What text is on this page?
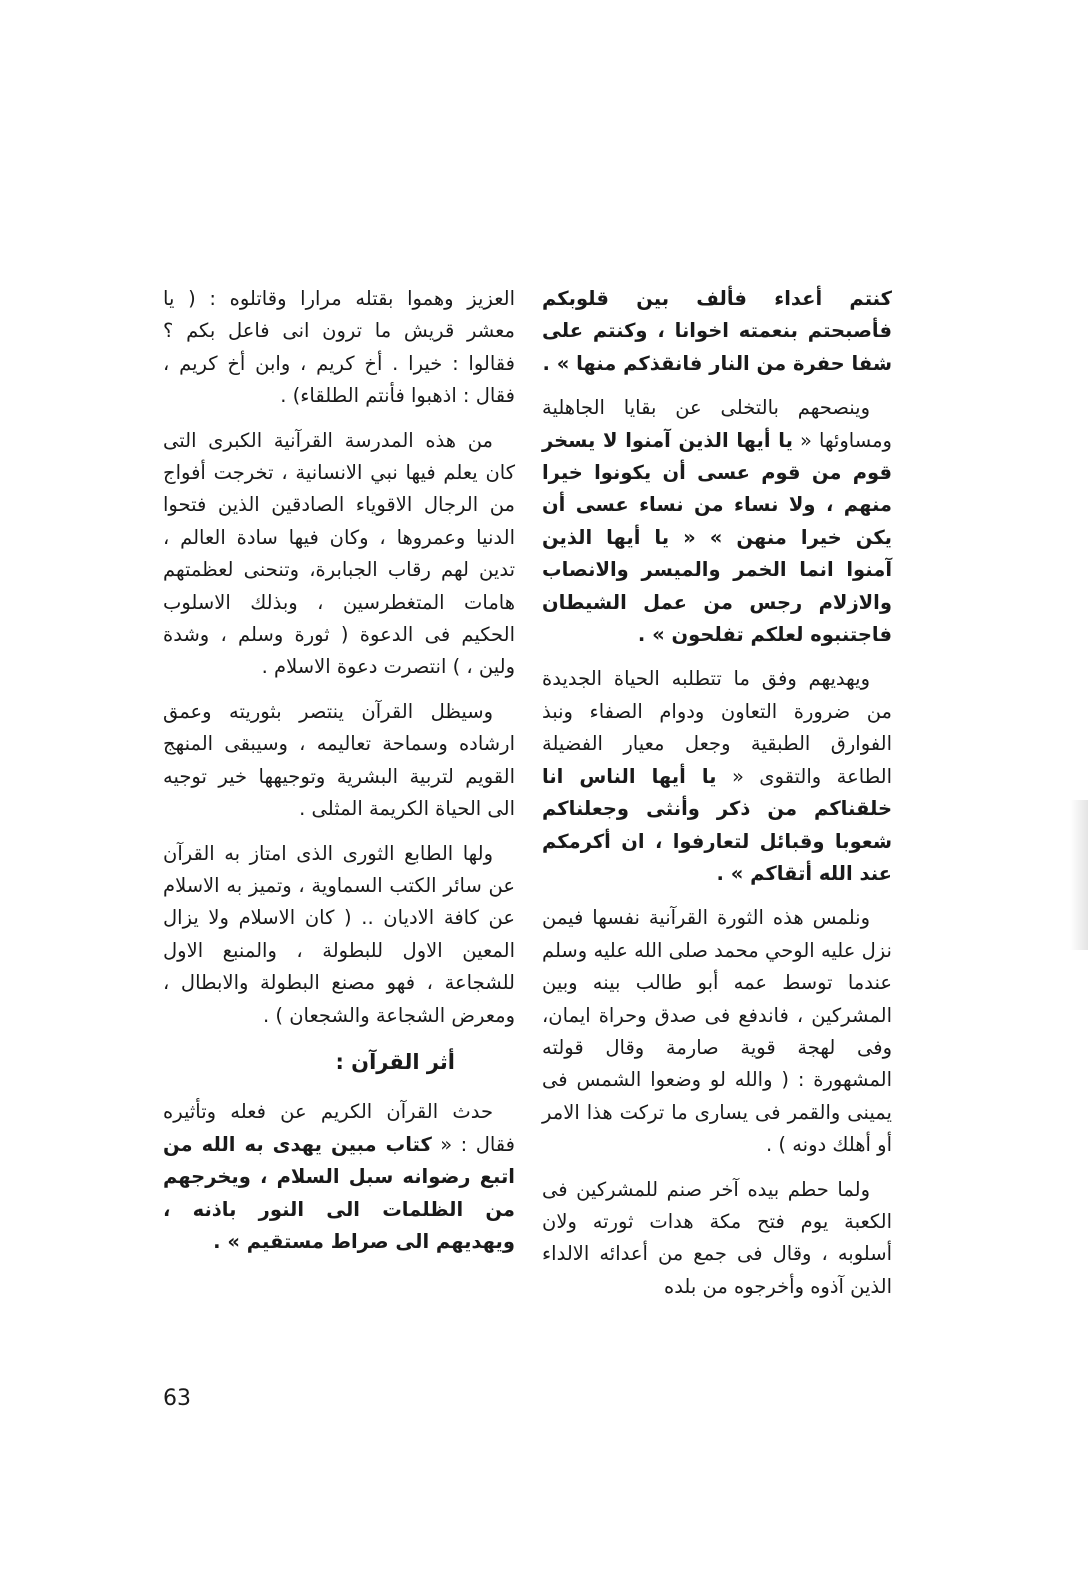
كنتم أعداء فألف بين قلوبكم فأصبحتم بنعمته اخوانا ، وكنتم على شفا حفرة من النار فانقذكم منها » .

وينصحهم بالتخلى عن بقايا الجاهلية ومساوئها « يا أيها الذين آمنوا لا يسخر قوم من قوم عسى أن يكونوا خيرا منهم ، ولا نساء من نساء عسى أن يكن خيرا منهن » « يا أيها الذين آمنوا انما الخمر والميسر والانصاب والازلام رجس من عمل الشيطان فاجتنبوه لعلكم تفلحون » .

ويهديهم وفق ما تتطلبه الحياة الجديدة من ضرورة التعاون ودوام الصفاء ونبذ الفوارق الطبقية وجعل معيار الفضيلة الطاعة والتقوى « يا أيها الناس انا خلقناكم من ذكر وأنثى وجعلناكم شعوبا وقبائل لتعارفوا ، ان أكرمكم عند الله أتقاكم » .

ونلمس هذه الثورة القرآنية نفسها فيمن نزل عليه الوحي محمد صلى الله عليه وسلم عندما توسط عمه أبو طالب بينه وبين المشركين ، فاندفع فى صدق وحراة ايمان، وفى لهجة قوية صارمة وقال قولته المشهورة : ( والله لو وضعوا الشمس فى يمينى والقمر فى يسارى ما تركت هذا الامر أو أهلك دونه ) .

ولما حطم بيده آخر صنم للمشركين فى الكعبة يوم فتح مكة هدات ثورته ولان أسلوبه ، وقال فى جمع من أعدائه الالداء الذين آذوه وأخرجوه من بلده

العزيز وهموا بقتله مرارا وقاتلوه : ( يا معشر قريش ما ترون انى فاعل بكم ؟ فقالوا : خيرا . أخ كريم ، وابن أخ كريم ، فقال : اذهبوا فأنتم الطلقاء) .

من هذه المدرسة القرآنية الكبرى التى كان يعلم فيها نبي الانسانية ، تخرجت أفواج من الرجال الاقوياء الصادقين الذين فتحوا الدنيا وعمروها ، وكان فيها سادة العالم ، تدين لهم رقاب الجبابرة، وتنحنى لعظمتهم هامات المتغطرسين ، وبذلك الاسلوب الحكيم فى الدعوة ( ثورة وسلم ، وشدة ولين ، ) انتصرت دعوة الاسلام .

وسيظل القرآن ينتصر بثوريته وعمق ارشاده وسماحة تعاليمه ، وسيبقى المنهج القويم لتربية البشرية وتوجيهها خير توجيه الى الحياة الكريمة المثلى .

ولها الطابع الثورى الذى امتاز به القرآن عن سائر الكتب السماوية ، وتميز به الاسلام عن كافة الاديان .. ( كان الاسلام ولا يزال المعين الاول للبطولة ، والمنبع الاول للشجاعة ، فهو مصنع البطولة والابطال ، ومعرض الشجاعة والشجعان ) .

أثر القرآن :

حدث القرآن الكريم عن فعله وتأثيره فقال : « كتاب مبين يهدى به الله من اتبع رضوانه سبل السلام ، ويخرجهم من الظلمات الى النور باذنه ، ويهديهم الى صراط مستقيم » .

63
